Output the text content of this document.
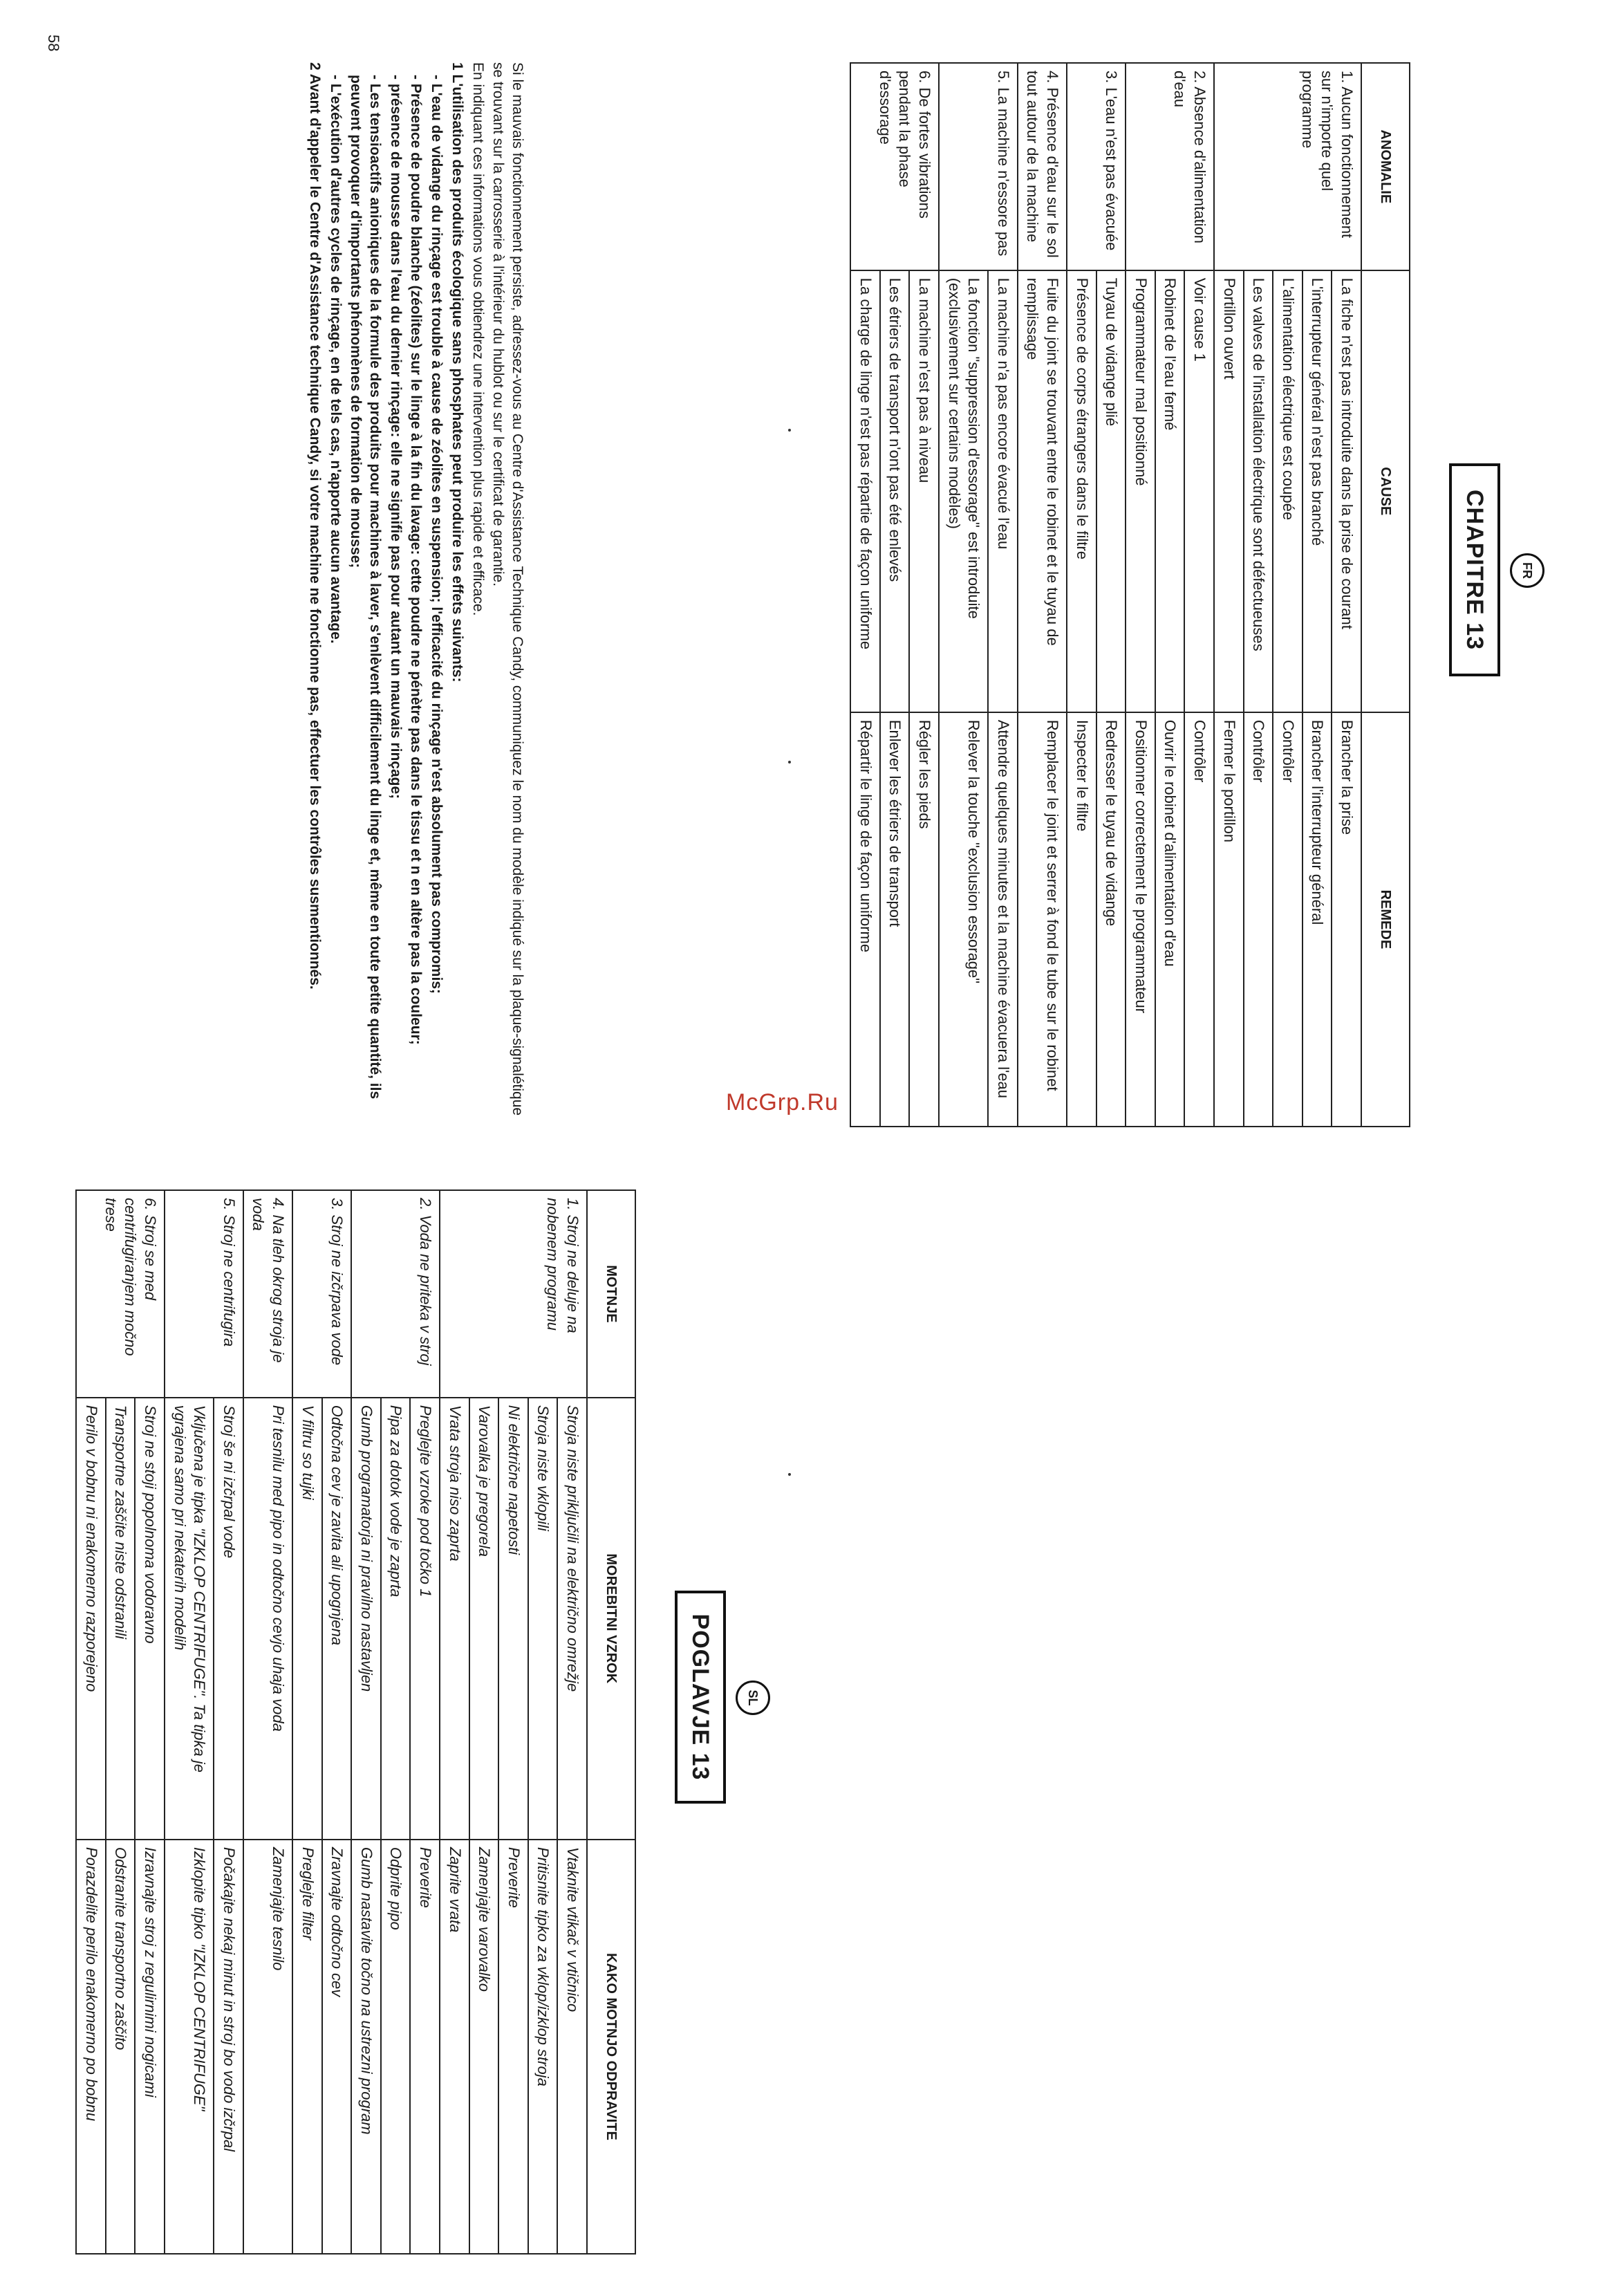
FR
CHAPITRE 13
ANOMALIE	CAUSE	REMEDE
1. Aucun fonctionnement sur n'importe quel programme	La fiche n'est pas introduite dans la prise de courant	Brancher la prise
	L'interrupteur général n'est pas branché	Brancher l'interrupteur général
	L'alimentation électrique est coupée	Contrôler
	Les valves de l'installation électrique sont défectueuses	Contrôler
	Portillon ouvert	Fermer le portillon
2. Absence d'alimentation d'eau	Voir cause 1	Contrôler
	Robinet de l'eau fermé	Ouvrir le robinet d'alimentation d'eau
	Programmateur mal positionné	Positionner correctement le programmateur
3. L'eau n'est pas évacuée	Tuyau de vidange plié	Redresser le tuyau de vidange
	Présence de corps étrangers dans le filtre	Inspecter le filtre
4. Présence d'eau sur le sol tout autour de la machine	Fuite du joint se trouvant entre le robinet et le tuyau de remplissage	Remplacer le joint et serrer à fond le tube sur le robinet
5. La machine n'essore pas	La machine n'a pas encore évacué l'eau	Attendre quelques minutes et la machine évacuera l'eau
	La fonction "suppression d'essorage" est introduite (exclusivement sur certains modèles)	Relever la touche "exclusion essorage"
6. De fortes vibrations pendant la phase d'essorage	La machine n'est pas à niveau	Régler les pieds
	Les étriers de transport n'ont pas été enlevés	Enlever les étriers de transport
	La charge de linge n'est pas répartie de façon uniforme	Répartir le linge de façon uniforme

Si le mauvais fonctionnement persiste, adressez-vous au Centre d'Assistance Technique Candy, communiquez le nom du modèle indiqué sur la plaque-signalétique se trouvant sur la carrosserie à l'intérieur du hublot ou sur le certificat de garantie.

En indiquant ces informations vous obtiendrez une intervention plus rapide et efficace.

1 L'utilisation des produits écologique sans phosphates peut produire les effets suivants:

- L'eau de vidange du rinçage est trouble à cause de zéolites en suspension; l'efficacité du rinçage n'est absolument pas compromis;

- Présence de poudre blanche (zéolites) sur le linge à la fin du lavage: cette poudre ne pénètre pas dans le tissu et n en altère pas la couleur;

- présence de mousse dans l'eau du dernier rinçage: elle ne signifie pas pour autant un mauvais rinçage;

- Les tensioactifs anioniques de la formule des produits pour machines à laver, s'enlèvent difficilement du linge et, même en toute petite quantité, ils peuvent provoquer d'importants phénomènes de formation de mousse;

- L'exécution d'autres cycles de rinçage, en de tels cas, n'apporte aucun avantage.

2 Avant d'appeler le Centre d'Assistance technique Candy, si votre machine ne fonctionne pas, effectuer les contrôles susmentionnés.

58
SL
POGLAVJE 13
MOTNJE	MOREBITNI VZROK	KAKO MOTNJO ODPRAVITE
1. Stroj ne deluje na nobenem programu	Stroja niste priključili na električno omrežje	Vtaknite vtikač v vtičnico
	Stroja niste vklopili	Pritisnite tipko za vklop/izklop stroja
	Ni električne napetosti	Preverite
	Varovalka je pregorela	Zamenjajte varovalko
	Vrata stroja niso zaprta	Zaprite vrata
2. Voda ne priteka v stroj	Preglejte vzroke pod točko 1	Preverite
	Pipa za dotok vode je zaprta	Odprite pipo
	Gumb programatorja ni pravilno nastavljen	Gumb nastavite točno na ustrezni program
3. Stroj ne izčrpava vode	Odtočna cev je zavita ali upognjena	Zravnajte odtočno cev
	V filtru so tujki	Preglejte filter
4. Na tleh okrog stroja je voda	Pri tesnilu med pipo in odtočno cevjo uhaja voda	Zamenjajte tesnilo
5. Stroj ne centrifugira	Stroj še ni izčrpal vode	Počakajte nekaj minut in stroj bo vodo izčrpal
	Vključena je tipka "IZKLOP CENTRIFUGE". Ta tipka je vgrajena samo pri nekaterih modelih	Izklopite tipko "IZKLOP CENTRIFUGE"
6. Stroj se med centrifugiranjem močno trese	Stroj ne stoji popolnoma vodoravno	Izravnajte stroj z regulirnimi nogicami
	Transportne zaščite niste odstranili	Odstranite transportno zaščito
	Perilo v bobnu ni enakomerno razporejeno	Porazdelite perilo enakomerno po bobnu

McGrp.Ru
